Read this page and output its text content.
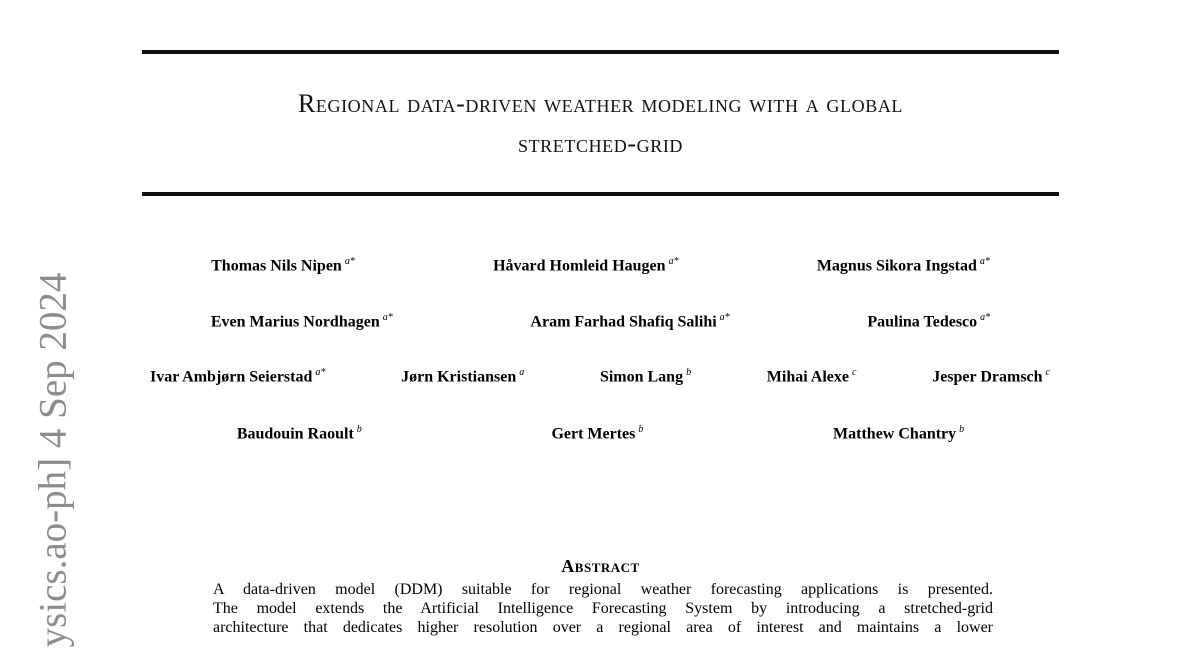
Regional data-driven weather modeling with a global
stretched-grid
ysics.ao-ph] 4 Sep 2024
Thomas Nils Nipen $^{a*}$	Håvard Homleid Haugen $^{a*}$	Magnus Sikora Ingstad $^{a*}$
Even Marius Nordhagen $^{a*}$	Aram Farhad Shafiq Salihi $^{a*}$	Paulina Tedesco $^{a*}$
Ivar Ambjørn Seierstad $^{a*}$	Jørn Kristiansen $^a$	Simon Lang $^b$	Mihai Alexe $^c$	Jesper Dramsch $^c$
Baudouin Raoult $^b$	Gert Mertes $^b$	Matthew Chantry $^b$
Abstract
A data-driven model (DDM) suitable for regional weather forecasting applications is presented.
The model extends the Artificial Intelligence Forecasting System by introducing a stretched-grid
architecture that dedicates higher resolution over a regional area of interest and maintains a lower
